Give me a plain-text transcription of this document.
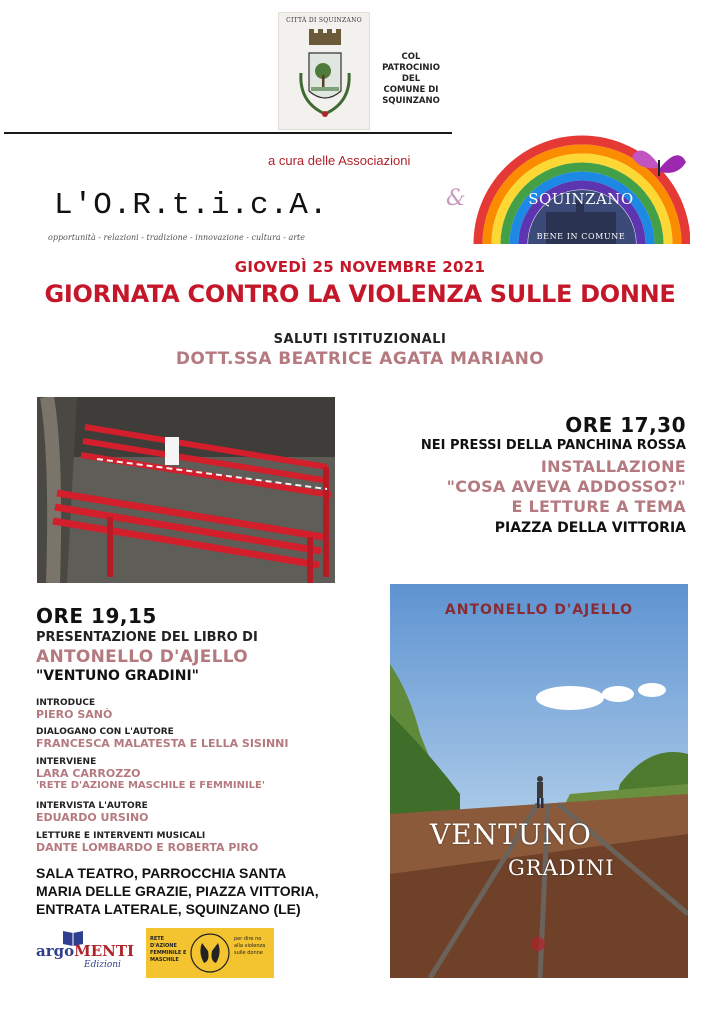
CITTÀ DI SQUINZANO
COL
PATROCINIO
DEL
COMUNE DI
SQUINZANO
a cura delle Associazioni
L'O.R.t.i.c.A.
opportunità - relazioni - tradizione - innovazione - cultura - arte
&	SQUINZANO
BENE IN COMUNE
GIOVEDÌ 25 NOVEMBRE 2021
GIORNATA CONTRO LA VIOLENZA SULLE DONNE
SALUTI ISTITUZIONALI
DOTT.SSA BEATRICE AGATA MARIANO
ORE 17,30
NEI PRESSI DELLA PANCHINA ROSSA
INSTALLAZIONE
"COSA AVEVA ADDOSSO?"
E LETTURE A TEMA
PIAZZA DELLA VITTORIA
ORE 19,15
PRESENTAZIONE DEL LIBRO DI
ANTONELLO D'AJELLO
"VENTUNO GRADINI"
INTRODUCE
PIERO SANÒ
DIALOGANO CON L'AUTORE
FRANCESCA MALATESTA E LELLA SISINNI
INTERVIENE
LARA CARROZZO
'RETE D'AZIONE MASCHILE E FEMMINILE'
INTERVISTA L'AUTORE
EDUARDO URSINO
LETTURE E INTERVENTI MUSICALI
DANTE LOMBARDO E ROBERTA PIRO
SALA TEATRO, PARROCCHIA SANTA
MARIA DELLE GRAZIE, PIAZZA VITTORIA,
ENTRATA LATERALE, SQUINZANO (LE)
argoMENTI
Edizioni
RETE D'AZIONE FEMMINILE E MASCHILE
per dire no alla violenza sulle donne
ANTONELLO D'AJELLO
VENTUNO
GRADINI
